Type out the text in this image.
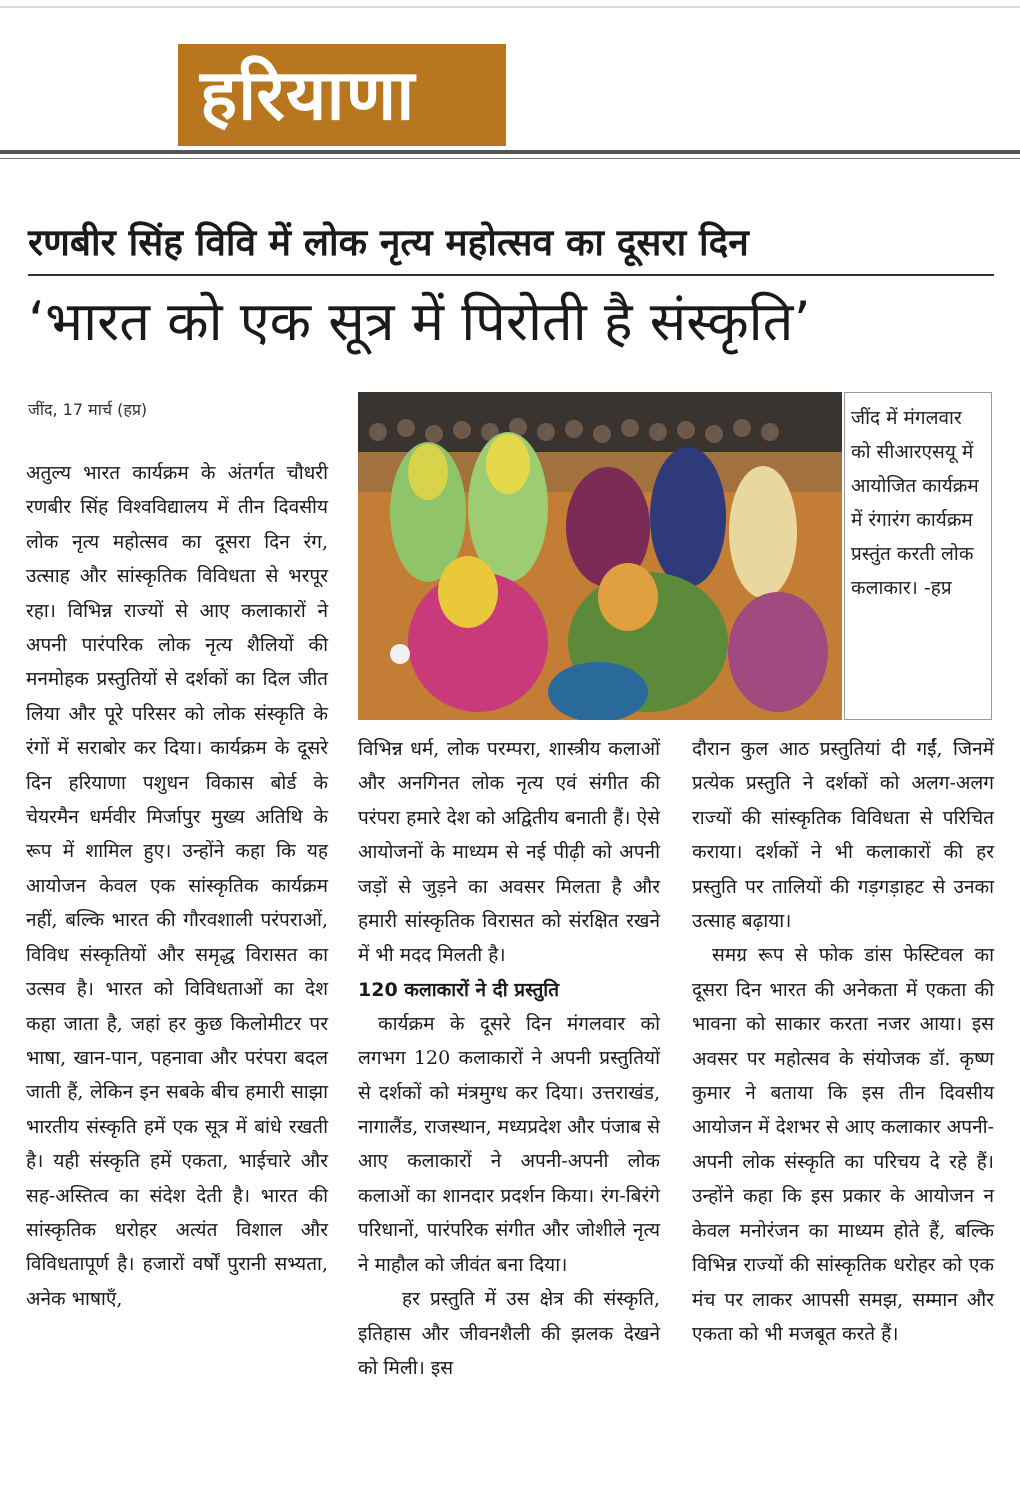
हरियाणा
रणबीर सिंह विवि में लोक नृत्य महोत्सव का दूसरा दिन
‘भारत को एक सूत्र में पिरोती है संस्कृति’
जींद, 17 मार्च (हप्र)

अतुल्य भारत कार्यक्रम के अंतर्गत चौधरी रणबीर सिंह विश्वविद्यालय में तीन दिवसीय लोक नृत्य महोत्सव का दूसरा दिन रंग, उत्साह और सांस्कृतिक विविधता से भरपूर रहा। विभिन्न राज्यों से आए कलाकारों ने अपनी पारंपरिक लोक नृत्य शैलियों की मनमोहक प्रस्तुतियों से दर्शकों का दिल जीत लिया और पूरे परिसर को लोक संस्कृति के रंगों में सराबोर कर दिया। कार्यक्रम के दूसरे दिन हरियाणा पशुधन विकास बोर्ड के चेयरमैन धर्मवीर मिर्जापुर मुख्य अतिथि के रूप में शामिल हुए। उन्होंने कहा कि यह आयोजन केवल एक सांस्कृतिक कार्यक्रम नहीं, बल्कि भारत की गौरवशाली परंपराओं, विविध संस्कृतियों और समृद्ध विरासत का उत्सव है। भारत को विविधताओं का देश कहा जाता है, जहां हर कुछ किलोमीटर पर भाषा, खान-पान, पहनावा और परंपरा बदल जाती हैं, लेकिन इन सबके बीच हमारी साझा भारतीय संस्कृति हमें एक सूत्र में बांधे रखती है। यही संस्कृति हमें एकता, भाईचारे और सह-अस्तित्व का संदेश देती है। भारत की सांस्कृतिक धरोहर अत्यंत विशाल और विविधतापूर्ण है। हजारों वर्षों पुरानी सभ्यता, अनेक भाषाएँ,

जींद में मंगलवार को सीआरएसयू में आयोजित कार्यक्रम में रंगारंग कार्यक्रम प्रस्तुंत करती लोक कलाकार। -हप्र

विभिन्न धर्म, लोक परम्परा, शास्त्रीय कलाओं और अनगिनत लोक नृत्य एवं संगीत की परंपरा हमारे देश को अद्वितीय बनाती हैं। ऐसे आयोजनों के माध्यम से नई पीढ़ी को अपनी जड़ों से जुड़ने का अवसर मिलता है और हमारी सांस्कृतिक विरासत को संरक्षित रखने में भी मदद मिलती है।

120 कलाकारों ने दी प्रस्तुति

कार्यक्रम के दूसरे दिन मंगलवार को लगभग 120 कलाकारों ने अपनी प्रस्तुतियों से दर्शकों को मंत्रमुग्ध कर दिया। उत्तराखंड, नागालैंड, राजस्थान, मध्यप्रदेश और पंजाब से आए कलाकारों ने अपनी-अपनी लोक कलाओं का शानदार प्रदर्शन किया। रंग-बिरंगे परिधानों, पारंपरिक संगीत और जोशीले नृत्य ने माहौल को जीवंत बना दिया।

हर प्रस्तुति में उस क्षेत्र की संस्कृति, इतिहास और जीवनशैली की झलक देखने को मिली। इस

दौरान कुल आठ प्रस्तुतियां दी गईं, जिनमें प्रत्येक प्रस्तुति ने दर्शकों को अलग-अलग राज्यों की सांस्कृतिक विविधता से परिचित कराया। दर्शकों ने भी कलाकारों की हर प्रस्तुति पर तालियों की गड़गड़ाहट से उनका उत्साह बढ़ाया।

समग्र रूप से फोक डांस फेस्टिवल का दूसरा दिन भारत की अनेकता में एकता की भावना को साकार करता नजर आया। इस अवसर पर महोत्सव के संयोजक डॉ. कृष्ण कुमार ने बताया कि इस तीन दिवसीय आयोजन में देशभर से आए कलाकार अपनी-अपनी लोक संस्कृति का परिचय दे रहे हैं। उन्होंने कहा कि इस प्रकार के आयोजन न केवल मनोरंजन का माध्यम होते हैं, बल्कि विभिन्न राज्यों की सांस्कृतिक धरोहर को एक मंच पर लाकर आपसी समझ, सम्मान और एकता को भी मजबूत करते हैं।
